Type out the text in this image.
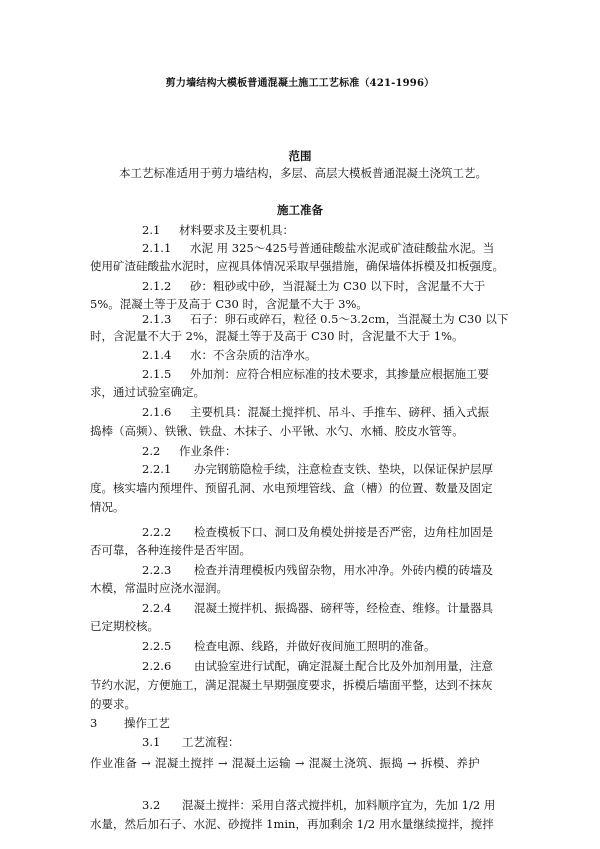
剪力墙结构大模板普通混凝土施工工艺标准（421-1996）
范围
本工艺标准适用于剪力墙结构，多层、高层大模板普通混凝土浇筑工艺。
施工准备
2.1 材料要求及主要机具：
2.1.1 水泥 用 325～425号普通硅酸盐水泥或矿渣硅酸盐水泥。当
使用矿渣硅酸盐水泥时，应视具体情况采取早强措施，确保墙体拆模及扣板强度。
2.1.2 砂：粗砂或中砂，当混凝土为 C30 以下时，含泥量不大于
5%。混凝土等于及高于 C30 时，含泥量不大于 3%。
2.1.3 石子：卵石或碎石，粒径 0.5～3.2cm，当混凝土为 C30 以下
时，含泥量不大于 2%，混凝土等于及高于 C30 时，含泥量不大于 1%。
2.1.4 水：不含杂质的洁净水。
2.1.5 外加剂：应符合相应标准的技术要求，其掺量应根据施工要
求，通过试验室确定。
2.1.6 主要机具：混凝土搅拌机、吊斗、手推车、磅秤、插入式振
捣棒（高频）、铁锹、铁盘、木抹子、小平锹、水勺、水桶、胶皮水管等。
2.2 作业条件：
2.2.1 办完钢筋隐检手续，注意检查支铁、垫块，以保证保护层厚
度。核实墙内预埋件、预留孔洞、水电预埋管线、盒（槽）的位置、数量及固定
情况。
2.2.2 检查模板下口、洞口及角模处拼接是否严密，边角柱加固是
否可靠，各种连接件是否牢固。
2.2.3 检查并清理模板内残留杂物，用水冲净。外砖内模的砖墙及
木模，常温时应浇水湿润。
2.2.4 混凝土搅拌机、振捣器、磅秤等，经检查、维修。计量器具
已定期校核。
2.2.5 检查电源、线路，并做好夜间施工照明的准备。
2.2.6 由试验室进行试配，确定混凝土配合比及外加剂用量，注意
节约水泥，方便施工，满足混凝土早期强度要求，拆模后墙面平整，达到不抹灰
的要求。
3 操作工艺
3.1 工艺流程：
作业准备 → 混凝土搅拌 → 混凝土运输 → 混凝土浇筑、振捣 → 拆模、养护
3.2 混凝土搅拌：采用自落式搅拌机，加料顺序宜为，先加 1/2 用
水量，然后加石子、水泥、砂搅拌 1min，再加剩余 1/2 用水量继续搅拌，搅拌
